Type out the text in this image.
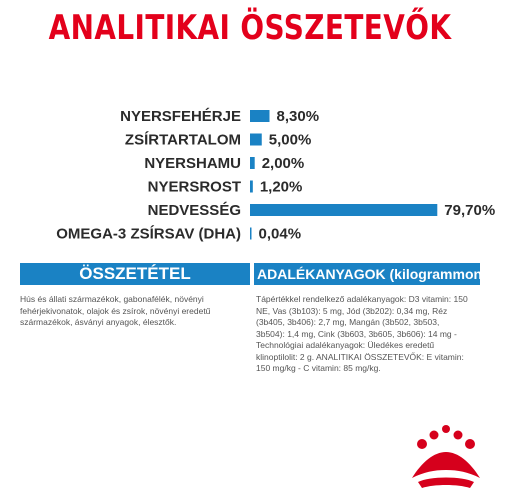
ANALITIKAI ÖSSZETEVŐK
NYERSFEHÉRJE 8,30%
ZSÍRTARTALOM 5,00%
NYERSHAMU 2,00%
NYERSROST 1,20%
NEDVESSÉG	79,70%
OMEGA-3 ZSÍRSAV (DHA) 0,04%
ÖSSZETÉTEL	ADALÉKANYAGOK (kilogrammonként)
Hús és állati származékok, gabonafélék, növényi fehérjekivonatok, olajok és zsírok, növényi eredetű származékok, ásványi anyagok, élesztők.
Tápértékkel rendelkező adalékanyagok: D3 vitamin: 150 NE, Vas (3b103): 5 mg, Jód (3b202): 0,34 mg, Réz (3b405, 3b406): 2,7 mg, Mangán (3b502, 3b503, 3b504): 1,4 mg, Cink (3b603, 3b605, 3b606): 14 mg - Technológiai adalékanyagok: Üledékes eredetű klinoptilolit: 2 g. ANALITIKAI ÖSSZETEVŐK: E vitamin: 150 mg/kg - C vitamin: 85 mg/kg.
